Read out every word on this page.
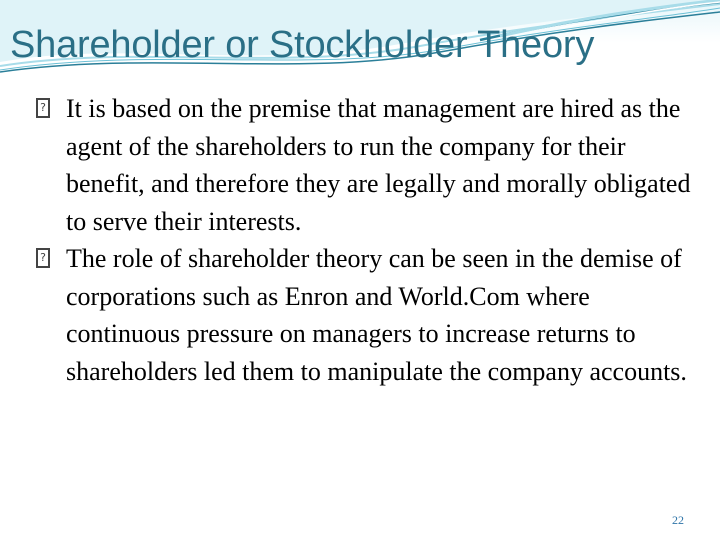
Shareholder or Stockholder Theory
? It is based on the premise that management are hired as the agent of the shareholders to run the company for their benefit, and therefore they are legally and morally obligated to serve their interests.
? The role of shareholder theory can be seen in the demise of corporations such as Enron and World.Com where continuous pressure on managers to increase returns to shareholders led them to manipulate the company accounts.
22
